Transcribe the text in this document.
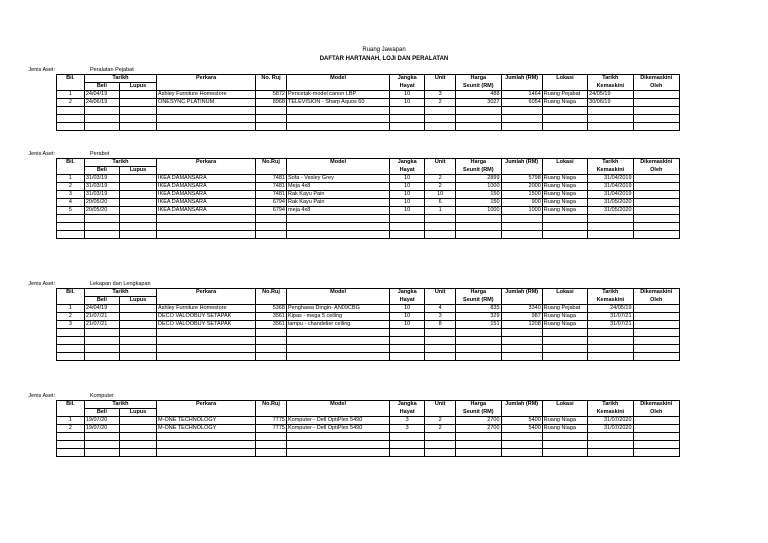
Ruang Jawapan
DAFTAR HARTANAH, LOJI DAN PERALATAN
Jenis Aset:	Peralatan Pejabat
Bil.	Tarikh		Perkara	No. Ruj	Model	Jangka	Unit	Harga	Jumlah (RM)	Lokasi	Tarikh	Dikemaskini
	Beli	Lupus				Hayat		Seunit (RM)			Kemaskini	Oleh
1	24/04/19		Ashley Furniture Homestore	5872	Pencetak-model canon LBP	10	3	488	1464	Ruang Pejabat	24/05/19	
2	24/06/19		ONESYNC PLATINUM	8968	TELEVISION - Sharp Aquos 60	10	2	3027	6054	Ruang Niaga	30/06/19	

Jenis Aset:	Perabot
Bil.	Tarikh		Perkara	No.Ruj	Model	Jangka	Unit	Harga	Jumlah (RM)	Lokasi	Tarikh	Dikemaskini
	Beli	Lupus				Hayat		Seunit (RM)			Kemaskini	Oleh
1	31/03/19		IKEA DAMANSARA	7481	Sofa - Vesley Grey	10	2	2899	5798	Ruang Niaga	31/04/2019	
2	31/03/19		IKEA DAMANSARA	7481	Meja 4x8	10	2	1000	2000	Ruang Niaga	31/04/2019	
3	31/03/19		IKEA DAMANSARA	7481	Rak Kayu Pain	10	10	150	1500	Ruang Niaga	31/04/2019	
4	20/05/20		IKEA DAMANSARA	6794	Rak Kayu Pain	10	6	150	900	Ruang Niaga	31/05/2020	
5	20/05/20		IKEA DAMANSARA	6794	meja 4x8	10	1	1000	1000	Ruang Niaga	31/05/2020	

Jenis Aset:	Lekapan dan Lengkapan
Bil.	Tarikh		Perkara	No.Ruj	Model	Jangka	Unit	Harga	Jumlah (RM)	Lokasi	Tarikh	Dikemaskini
	Beli	Lupus				Hayat		Seunit (RM)			Kemaskini	Oleh
1	24/04/19		Ashley Furniture Homestore	5368	Penghawa Dingin- AN09CBG	10	4	835	3340	Ruang Pejabat	24/05/19	
2	21/07/21		DECO VALOOBUY SETAPAK	3561	Kipas - mega 5 ceiling	10	3	329	987	Ruang Niaga	31/07/21	
3	21/07/21		DECO VALOOBUY SETAPAK	3561	lampu - chandelier ceiling	10	8	151	1208	Ruang Niaga	31/07/21	

Jenis Aset:	Komputer
Bil.	Tarikh		Perkara	No.Ruj	Model	Jangka	Unit	Harga	Jumlah (RM)	Lokasi	Tarikh	Dikemaskini
	Beli	Lupus				Hayat		Seunit (RM)			Kemaskini	Oleh
1	19/07/20		M-ONE TECHNOLOGY	7775	Komputer - Dell OptiPlex 5490	3	2	2700	5400	Ruang Niaga	31/07/2020	
2	19/07/20		M-ONE TECHNOLOGY	7775	Komputer - Dell OptiPlex 5490	3	2	2700	5400	Ruang Niaga	31/07/2020	
